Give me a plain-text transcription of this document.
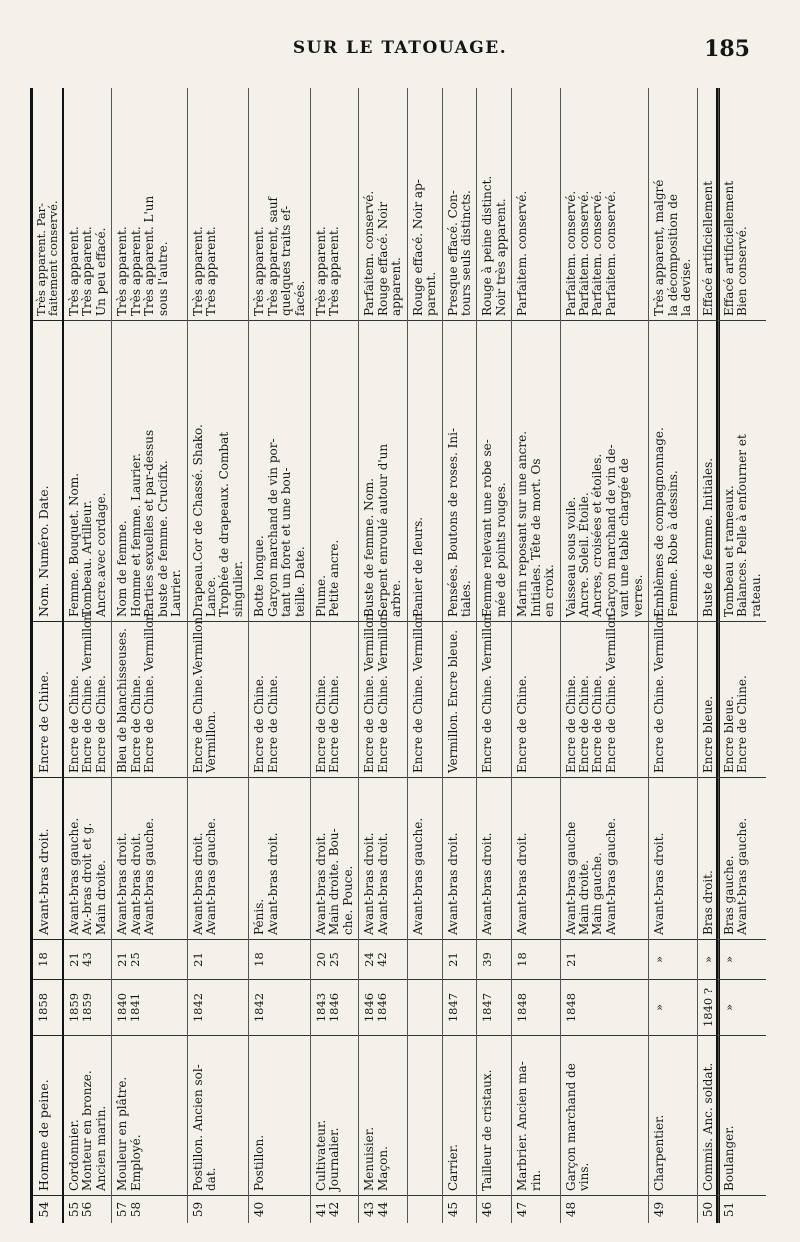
SUR LE TATOUAGE.	185
54
Homme de peine.
1858
18
Avant-bras droit.
Encre de Chine.
Nom. Numéro. Date.
Très apparent. Par-
faitement conservé.
55 56
Cordonnier. Monteur en bronze. Ancien marin.
1859
1859
21
43
Avant-bras gauche. Av.-bras droit et g. Main droite.
Encre de Chine. Encre de Chine. Vermillon. Encre de Chine.
Femme. Bouquet. Nom. Tombeau. Artilleur. Ancre.avec cordage.
Très apparent. Très apparent. Un peu effacé.
57 58
Mouleur en plâtre. Employé.
1840
1841
21
25
Avant-bras droit. Avant-bras droit. Avant-bras gauche.
Bleu de blanchisseuses. Encre de Chine. Encre de Chine. Vermillon.
Nom de femme. Homme et femme. Laurier. Parties sexuelles et par-dessus buste de femme. Crucifix. Laurier.
Très apparent. Très apparent. Très apparent. L'un sous l'autre.
59
Postillon. Ancien sol- dat.
1842
21
Avant-bras droit. Avant-bras gauche.
Encre de Chine.Vermillon. Vermillon.
Drapeau.Cor de Chassé. Shako. Lance. Trophée de drapeaux. Combat singulier.
Très apparent. Très apparent.
40
Postillon.
1842
18
Pénis. Avant-bras droit.
Encre de Chine. Encre de Chine.
Botte longue. Garçon marchand de vin por- tant un foret et une bou- teille. Date.
Très apparent. Très apparent, sauf quelques traits ef- facés.
41 42
Cultivateur. Journalier.
1843
1846
20
25
Avant-bras droit. Main droite. Bou- che. Pouce.
Encre de Chine. Encre de Chine.
Plume. Petite ancre.
Très apparent. Très apparent.
43 44
Menuisier. Maçon.
1846
1846
24
42
Avant-bras droit. Avant-bras droit.
Encre de Chine. Vermillon. Encre de Chine. Vermillon.
Buste de femme. Nom. Serpent enroulé autour d'un arbre.
Parfaitem. conservé. Rouge effacé. Noir apparent.
Avant-bras gauche.
Encre de Chine. Vermillon.
Panier de fleurs.
Rouge effacé. Noir ap- parent.
45
Carrier.
1847
21
Avant-bras droit.
Vermillon. Encre bleue.
Pensées. Boutons de roses. Ini- tiales.
Presque effacé. Con- tours seuls distincts.
46
Tailleur de cristaux.
1847
39
Avant-bras droit.
Encre de Chine. Vermillon.
Femme relevant une robe se- mée de points rouges.
Rouge à peine distinct. Noir très apparent.
47
Marbrier. Ancien ma- rin.
1848
18
Avant-bras droit.
Encre de Chine.
Marin reposant sur une ancre. Initiales. Tête de mort. Os en croix.
Parfaitem. conservé.
48
Garçon marchand de vins.
1848
21
Avant-bras gauche Main droite. Main gauche. Avant-bras gauche.
Encre de Chine. Encre de Chine. Encre de Chine. Encre de Chine. Vermillon.
Vaisseau sous voile. Ancre. Soleil. Étoile. Ancres, croisées et étoiles. Garçon marchand de vin de- vant une table chargée de verres.
Parfaitem. conservé. Parfaitem. conservé. Parfaitem. conservé. Parfaitem. conservé.
49
Charpentier.
»
»
Avant-bras droit.
Encre de Chine. Vermillon.
Emblèmes de compagnonnage. Femme. Robe à dessins.
Très apparent, malgré la décomposition de la devise.
50
Commis. Anc. soldat.
1840 ?
»
Bras droit.
Encre bleue.
Buste de femme. Initiales.
Effacé artificiellement
51
Boulanger.
»
»
Bras gauche. Avant-bras gauche.
Encre bleue. Encre de Chine.
Tombeau et rameaux. Balances. Pelle à enfourner et rateau.
Effacé artificiellement Bien conservé.
